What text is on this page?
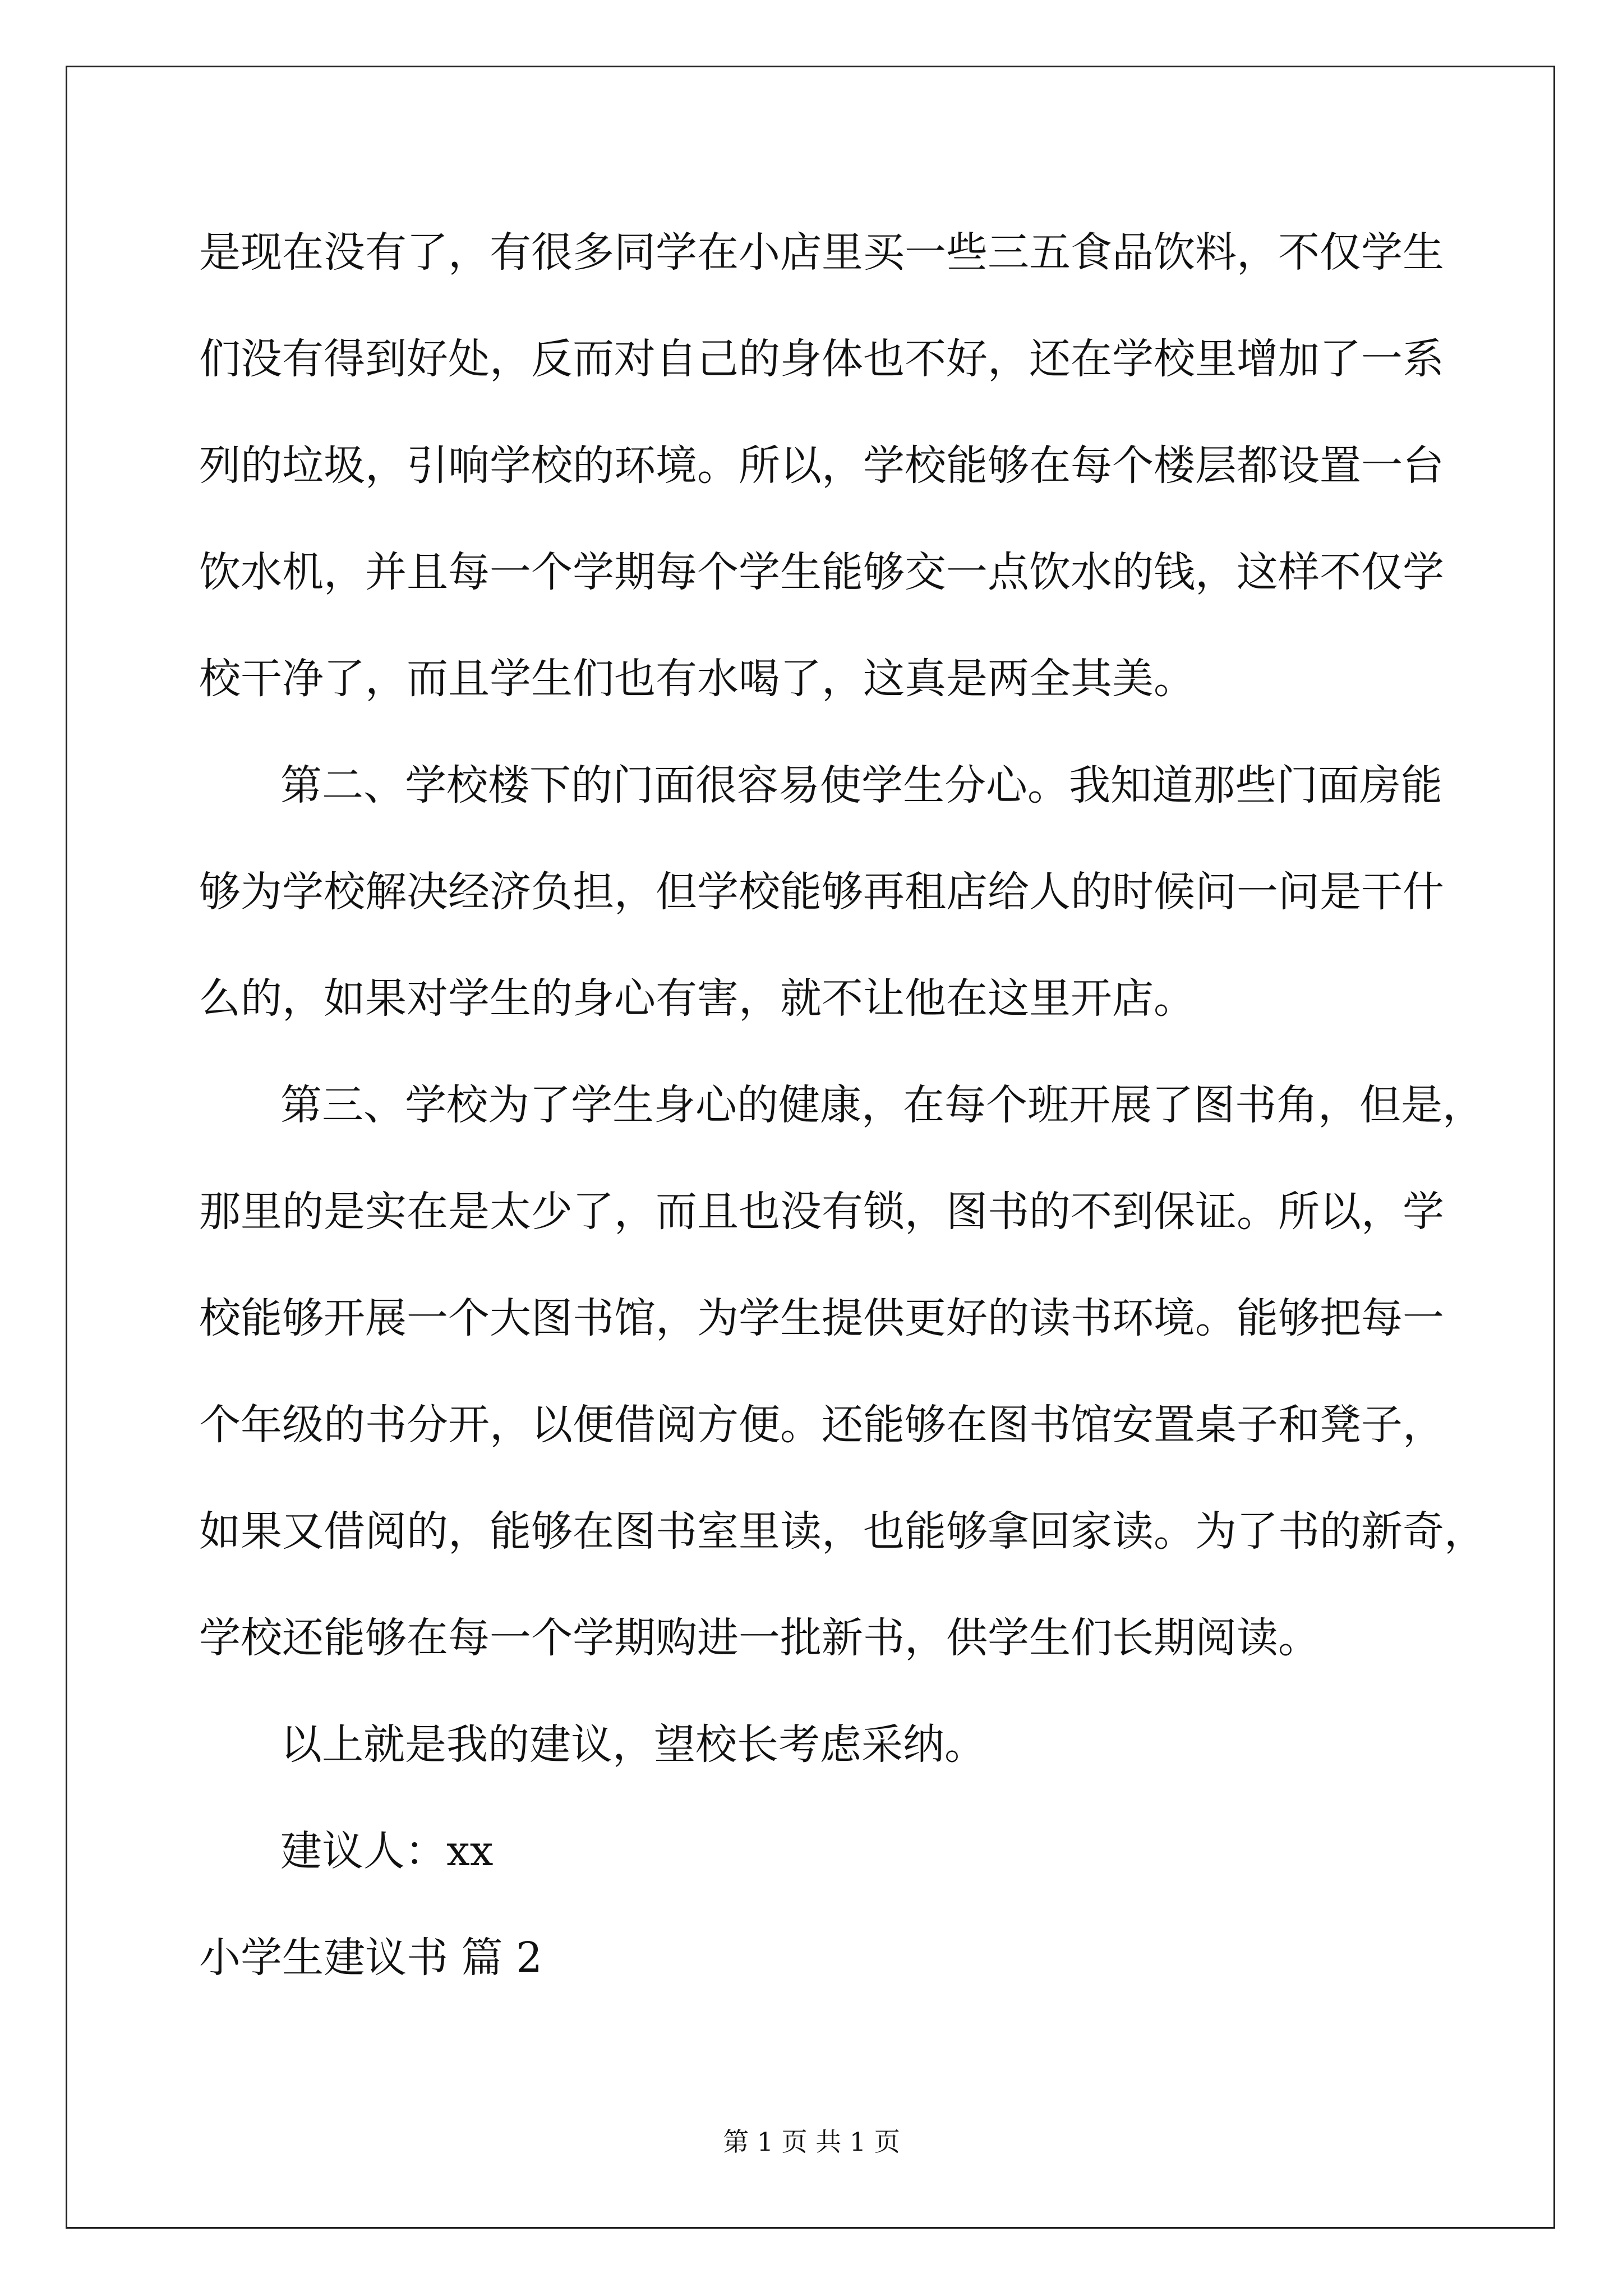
是现在没有了，有很多同学在小店里买一些三五食品饮料，不仅学生
们没有得到好处，反而对自己的身体也不好，还在学校里增加了一系
列的垃圾，引响学校的环境。所以，学校能够在每个楼层都设置一台
饮水机，并且每一个学期每个学生能够交一点饮水的钱，这样不仅学
校干净了，而且学生们也有水喝了，这真是两全其美。
第二、学校楼下的门面很容易使学生分心。我知道那些门面房能
够为学校解决经济负担，但学校能够再租店给人的时候问一问是干什
么的，如果对学生的身心有害，就不让他在这里开店。
第三、学校为了学生身心的健康，在每个班开展了图书角，但是，
那里的是实在是太少了，而且也没有锁，图书的不到保证。所以，学
校能够开展一个大图书馆，为学生提供更好的读书环境。能够把每一
个年级的书分开，以便借阅方便。还能够在图书馆安置桌子和凳子，
如果又借阅的，能够在图书室里读，也能够拿回家读。为了书的新奇，
学校还能够在每一个学期购进一批新书，供学生们长期阅读。
以上就是我的建议，望校长考虑采纳。
建议人：xx
小学生建议书 篇 2
第 1 页 共 1 页
